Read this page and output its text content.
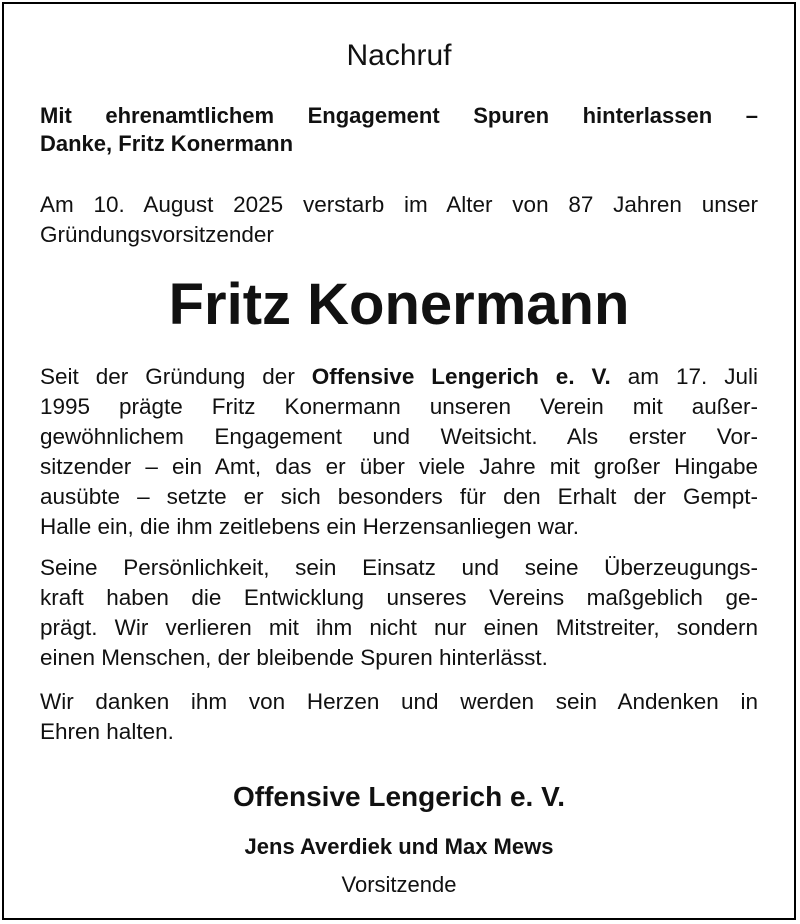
Nachruf
Mit ehrenamtlichem Engagement Spuren hinterlassen –
Danke, Fritz Konermann
Am 10. August 2025 verstarb im Alter von 87 Jahren unser
Gründungsvorsitzender
Fritz Konermann
Seit der Gründung der Offensive Lengerich e. V. am 17. Juli
1995 prägte Fritz Konermann unseren Verein mit außer-
gewöhnlichem Engagement und Weitsicht. Als erster Vor-
sitzender – ein Amt, das er über viele Jahre mit großer Hingabe
ausübte – setzte er sich besonders für den Erhalt der Gempt-
Halle ein, die ihm zeitlebens ein Herzensanliegen war.
Seine Persönlichkeit, sein Einsatz und seine Überzeugungs-
kraft haben die Entwicklung unseres Vereins maßgeblich ge-
prägt. Wir verlieren mit ihm nicht nur einen Mitstreiter, sondern
einen Menschen, der bleibende Spuren hinterlässt.
Wir danken ihm von Herzen und werden sein Andenken in
Ehren halten.
Offensive Lengerich e. V.
Jens Averdiek und Max Mews
Vorsitzende
